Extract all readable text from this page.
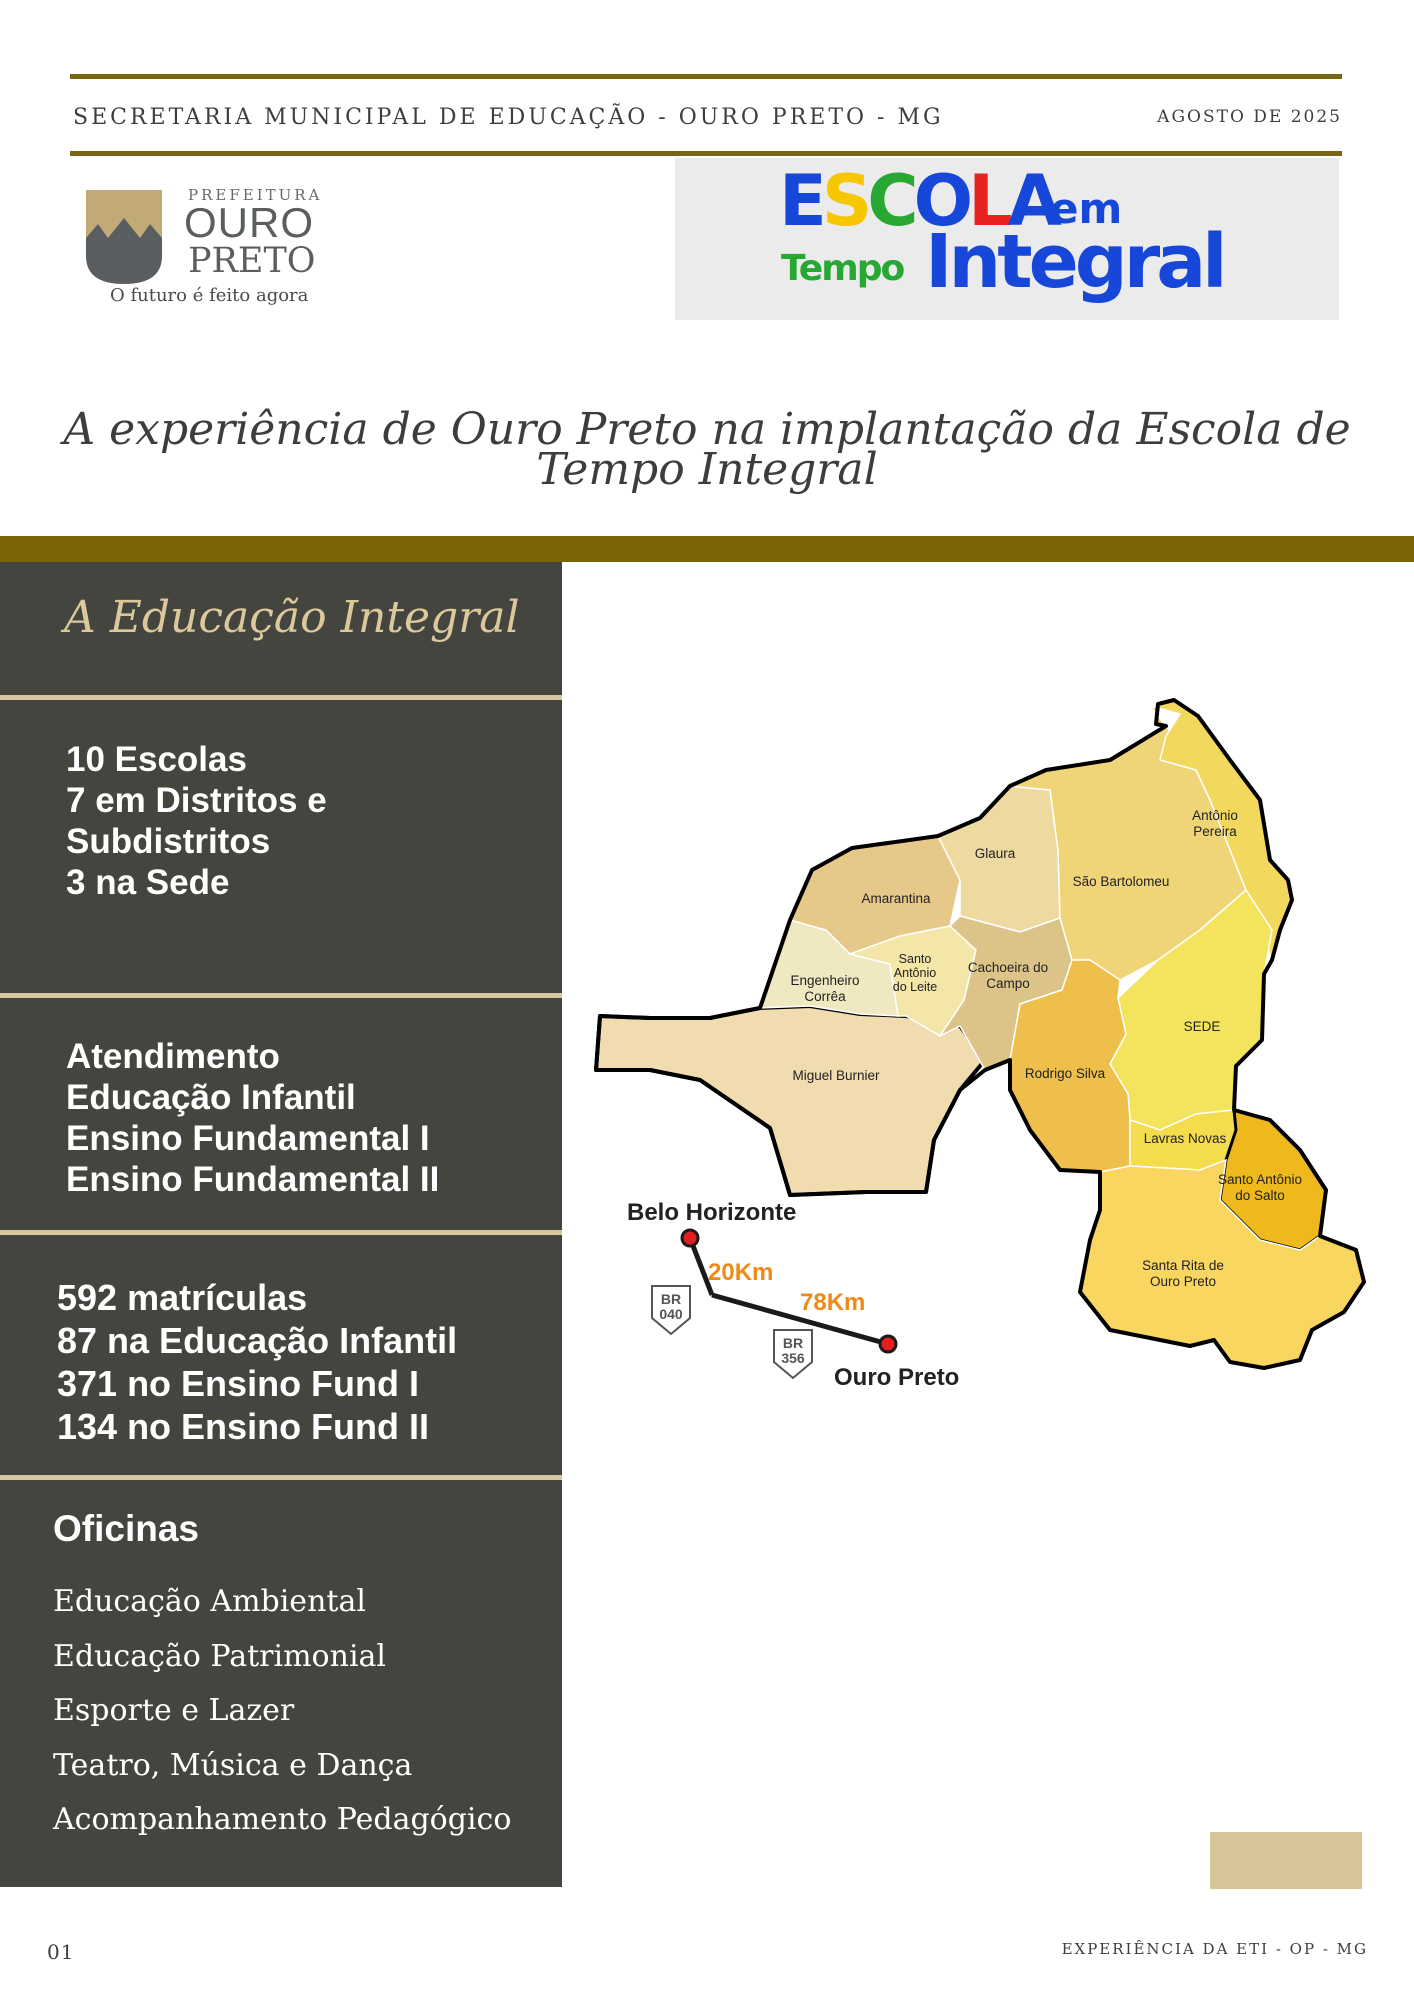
SECRETARIA MUNICIPAL DE EDUCAÇÃO - OURO PRETO - MG	AGOSTO DE 2025
PREFEITURA
OURO
PRETO
O futuro é feito agora
ESCOLA
em
Tempo Integral
A experiência de Ouro Preto na implantação da Escola de Tempo Integral
A Educação Integral
10 Escolas
7 em Distritos e
Subdistritos
3 na Sede
Atendimento
Educação Infantil
Ensino Fundamental I
Ensino Fundamental II
592 matrículas
87 na Educação Infantil
371 no Ensino Fund I
134 no Ensino Fund II
Oficinas
Educação Ambiental
Educação Patrimonial
Esporte e Lazer
Teatro, Música e Dança
Acompanhamento Pedagógico
Antônio Pereira
Glaura
São Bartolomeu
Amarantina
Santo Antônio do Leite
Cachoeira do Campo
Engenheiro Corrêa
SEDE
Miguel Burnier	Rodrigo Silva
Lavras Novas
Santo Antônio do Salto
Santa Rita de Ouro Preto
Belo Horizonte
20Km
78Km
Ouro Preto
BR
040
BR
356
01	EXPERIÊNCIA DA ETI - OP - MG
